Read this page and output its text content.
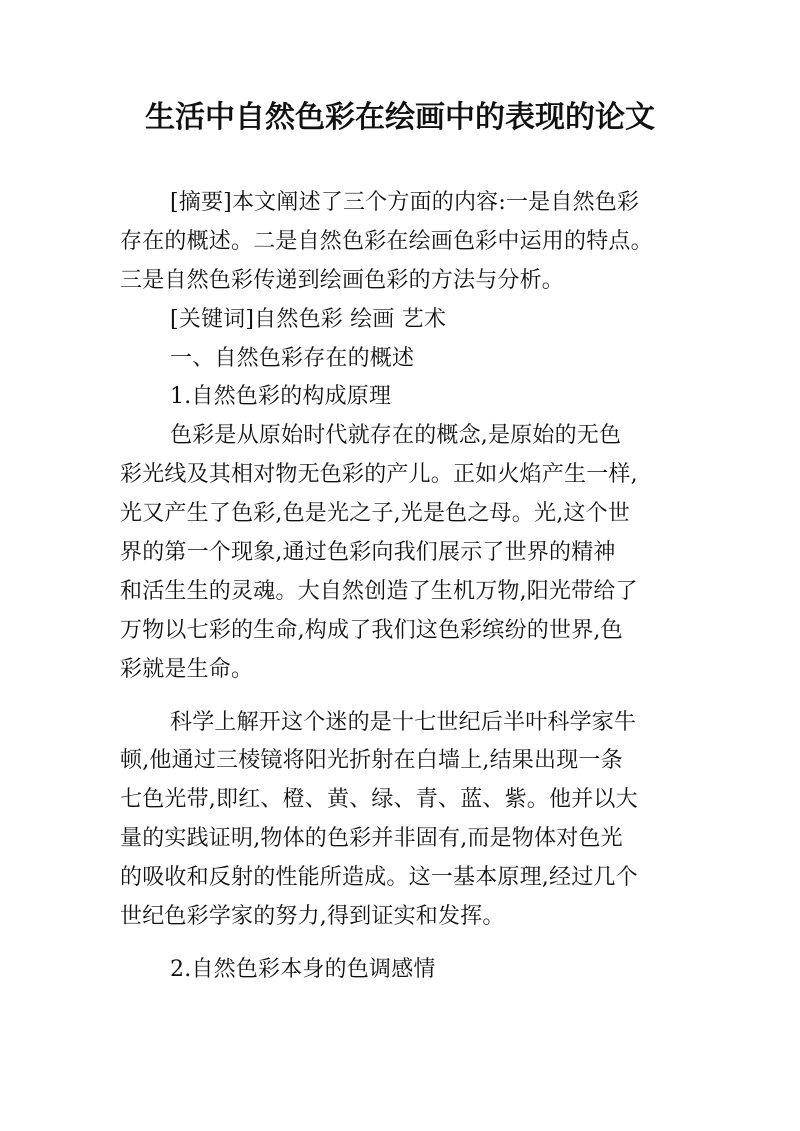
生活中自然色彩在绘画中的表现的论文
[摘要]本文阐述了三个方面的内容:一是自然色彩
存在的概述。二是自然色彩在绘画色彩中运用的特点。
三是自然色彩传递到绘画色彩的方法与分析。
[关键词]自然色彩 绘画 艺术
一、自然色彩存在的概述
1.自然色彩的构成原理
色彩是从原始时代就存在的概念,是原始的无色
彩光线及其相对物无色彩的产儿。正如火焰产生一样,
光又产生了色彩,色是光之子,光是色之母。光,这个世
界的第一个现象,通过色彩向我们展示了世界的精神
和活生生的灵魂。大自然创造了生机万物,阳光带给了
万物以七彩的生命,构成了我们这色彩缤纷的世界,色
彩就是生命。
科学上解开这个迷的是十七世纪后半叶科学家牛
顿,他通过三棱镜将阳光折射在白墙上,结果出现一条
七色光带,即红、橙、黄、绿、青、蓝、紫。他并以大
量的实践证明,物体的色彩并非固有,而是物体对色光
的吸收和反射的性能所造成。这一基本原理,经过几个
世纪色彩学家的努力,得到证实和发挥。
2.自然色彩本身的色调感情
